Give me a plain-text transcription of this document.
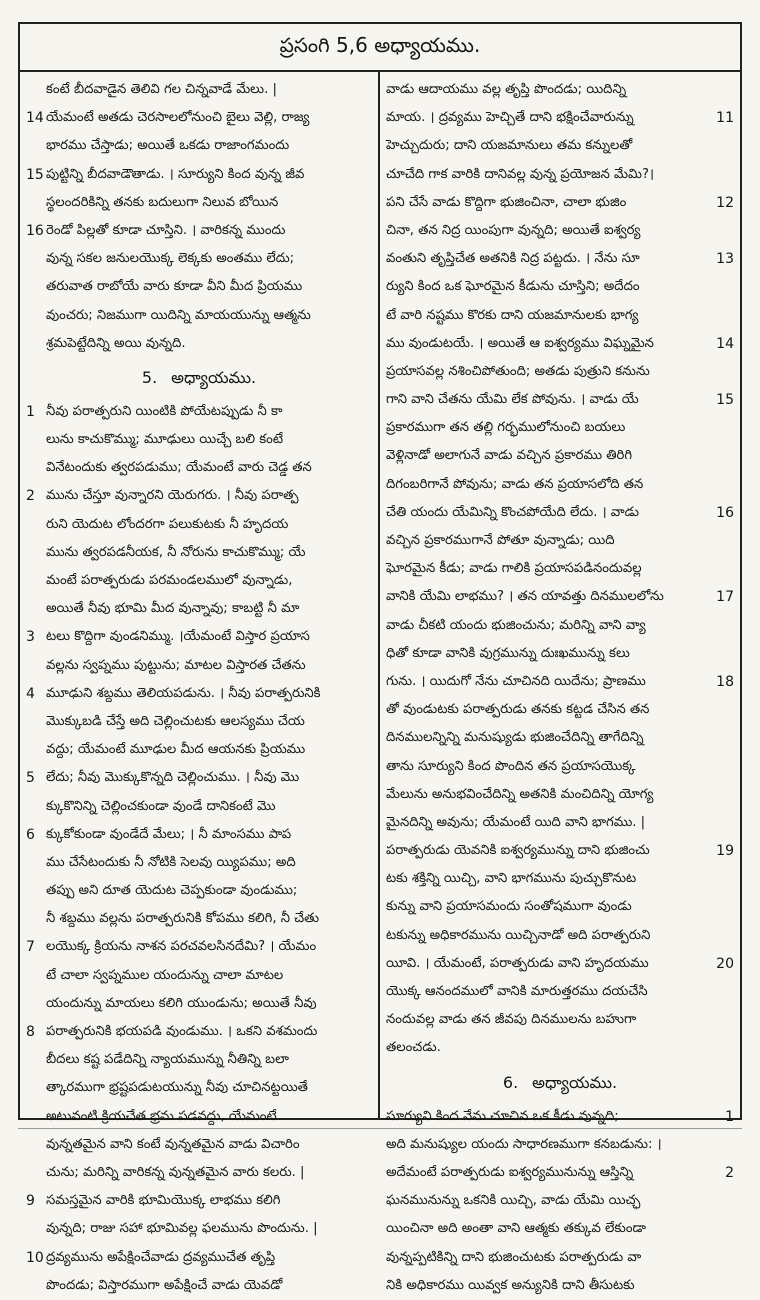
ప్రసంగి 5,6 అధ్యాయము.
కంటే బీదవాడైన తెలివి గల చిన్నవాడే మేలు. |
14 యేమంటే అతడు చెరసాలలోనుంచి బైలు వెల్లి, రాజ్య
భారము చేస్తాడు; అయితే ఒకడు రాజాంగమందు
15 పుట్టిన్ని బీదవాడౌతాడు. । సూర్యుని కింద వున్న జీవ
స్థలందరికిన్ని తనకు బదులుగా నిలువ బోయిన
16 రెండో పిల్లతో కూడా చూస్తిని. । వారికన్న ముందు
వున్న సకల జనులయొక్క లెక్కకు అంతము లేదు;
తరువాత రాబోయే వారు కూడా వీని మీద ప్రియము
వుంచరు; నిజముగా యిదిన్ని మాయయున్ను ఆత్మను
శ్రమపెట్టేదిన్ని అయి వున్నది.
5. అధ్యాయము.
1 నీవు పరాత్పరుని యింటికి పోయేటప్పుడు నీ కా
లును కాచుకొమ్ము; మూఢులు యిచ్చే బలి కంటే
వినేటందుకు త్వరపడుము; యేమంటే వారు చెడ్డ తన
2 మును చేస్తూ వున్నారని యెరుగరు. । నీవు పరాత్ప
రుని యెదుట లోందరగా పలుకుటకు నీ హృదయ
మును త్వరపడనీయక, నీ నోరును కాచుకొమ్ము; యే
మంటే పరాత్పరుడు పరమండలములో వున్నాడు,
అయితే నీవు భూమి మీద వున్నావు; కాబట్టి నీ మా
3 టలు కొద్దిగా వుండనిమ్ము. ।యేమంటే విస్తార ప్రయాస
వల్లను స్వప్నము పుట్టును; మాటల విస్తారత చేతను
4 మూఢుని శబ్దము తెలియపడును. । నీవు పరాత్పరునికి
మొక్కుబడి చేస్తే అది చెల్లించుటకు ఆలస్యము చేయ
వద్దు; యేమంటే మూఢుల మీద ఆయనకు ప్రియము
5 లేదు; నీవు మొక్కుకొన్నది చెల్లించుము. । నీవు మొ
క్కుకొనిన్ని చెల్లించకుండా వుండే దానికంటే మొ
6 క్కుకోకుండా వుండేదే మేలు; । నీ మాంసము పాప
ము చేసేటందుకు నీ నోటికి సెలవు య్యిపము; అది
తప్పు అని దూత యెదుట చెప్పకుండా వుండుము;
నీ శబ్దము వల్లను పరాత్పరునికి కోపము కలిగి, నీ చేతు
7 లయొక్క క్రియను నాశన పరచవలసినదేమి? । యేమం
టే చాలా స్వప్నముల యందున్ను చాలా మాటల
యందున్ను మాయలు కలిగి యుండును; అయితే నీవు
8 పరాత్పరునికి భయపడి వుండుము. । ఒకని వశమందు
బీదలు కష్ట పడేదిన్ని న్యాయమున్ను నీతిన్ని బలా
త్కారముగా భ్రష్టపడుటయున్ను నీవు చూచినట్టయితే
అటువంటి క్రియచేత భ్రమ పడవద్దు, యేమంటే
వున్నతమైన వాని కంటే వున్నతమైన వాడు విచారిం
చును; మరిన్ని వారికన్న వున్నతమైన వారు కలరు. |
9 సమస్తమైన వారికి భూమియొక్క లాభము కలిగి
వున్నది; రాజు సహా భూమివల్ల ఫలమును పొందును. |
10 ద్రవ్యమును అపేక్షించేవాడు ద్రవ్యముచేత తృప్తి
పొందడు; విస్తారముగా అపేక్షించే వాడు యెవడో
వాడు ఆదాయము వల్ల తృప్తి పొందడు; యిదిన్ని
మాయ. । ద్రవ్యము హెచ్చితే దాని భక్షించేవారున్ను	11
హెచ్చుదురు; దాని యజమానులు తమ కన్నులతో
చూచేది గాక వారికి దానివల్ల వున్న ప్రయోజన మేమి?।
పని చేసే వాడు కొద్దిగా భుజించినా, చాలా భుజిం	12
చినా, తన నిద్ర యింపుగా వున్నది; అయితే ఐశ్వర్య
వంతుని తృప్తిచేత అతనికి నిద్ర పట్టదు. । నేను సూ	13
ర్యుని కింద ఒక ఘోరమైన కీడును చూస్తిని; అదేదం
టే వారి నష్టము కొరకు దాని యజమానులకు భాగ్య
ము వుండుటయే. । అయితే ఆ ఐశ్వర్యము విఘ్నమైన	14
ప్రయాసవల్ల నశించిపోతుంది; అతడు పుత్రుని కనును
గాని వాని చేతను యేమి లేక పోవును. । వాడు యే	15
ప్రకారముగా తన తల్లి గర్భములోనుంచి బయలు
వెళ్లినాడో అలాగునే వాడు వచ్చిన ప్రకారము తిరిగి
దిగంబరిగానే పోవును; వాడు తన ప్రయాసలోది తన
చేతి యందు యేమిన్ని కొంచపోయేది లేదు. । వాడు	16
వచ్చిన ప్రకారముగానే పోతూ వున్నాడు; యిది
ఘోరమైన కీడు; వాడు గాలికి ప్రయాసపడినందువల్ల
వానికి యేమి లాభము? । తన యావత్తు దినములలోను	17
వాడు చీకటి యందు భుజించును; మరిన్ని వాని వ్యా
ధితో కూడా వానికి వుగ్రమున్ను దుఃఖమున్ను కలు
గును. । యిదుగో నేను చూచినది యిదేను; ప్రాణము	18
తో వుండుటకు పరాత్పరుడు తనకు కట్టడ చేసిన తన
దినములన్నిన్ని మనుష్యుడు భుజించేదిన్ని తాగేదిన్ని
తాను సూర్యుని కింద పొందిన తన ప్రయాసయొక్క
మేలును అనుభవించేదిన్ని అతనికి మంచిదిన్ని యోగ్య
మైనదిన్ని అవును; యేమంటే యిది వాని భాగము. |
పరాత్పరుడు యెవనికి ఐశ్వర్యమున్ను దాని భుజించు	19
టకు శక్తిన్ని యిచ్చి, వాని భాగమును పుచ్చుకొనుట
కున్ను వాని ప్రయాసమందు సంతోషముగా వుండు
టకున్ను అధికారమును యిచ్చినాడో అది పరాత్పరుని
యీవి. । యేమంటే, పరాత్పరుడు వాని హృదయము	20
యొక్క ఆనందములో వానికి మారుత్తరము దయచేసి
నందువల్ల వాడు తన జీవపు దినములను బహుగా
తలంచడు.
6. అధ్యాయము.
సూర్యుని కింద నేను చూచిన ఒక కీడు వున్నది;	1
అది మనుష్యుల యందు సాధారణముగా కనబడును: ।
అదేమంటే పరాత్పరుడు ఐశ్వర్యమునున్ను ఆస్తిన్ని	2
ఘనమునున్ను ఒకనికి యిచ్చి, వాడు యేమి యిచ్ఛ
యించినా అది అంతా వాని ఆత్మకు తక్కువ లేకుండా
వున్నప్పటికిన్ని దాని భుజించుటకు పరాత్పరుడు వా
నికి అధికారము యివ్వక అన్యునికి దాని తీసుటకు
